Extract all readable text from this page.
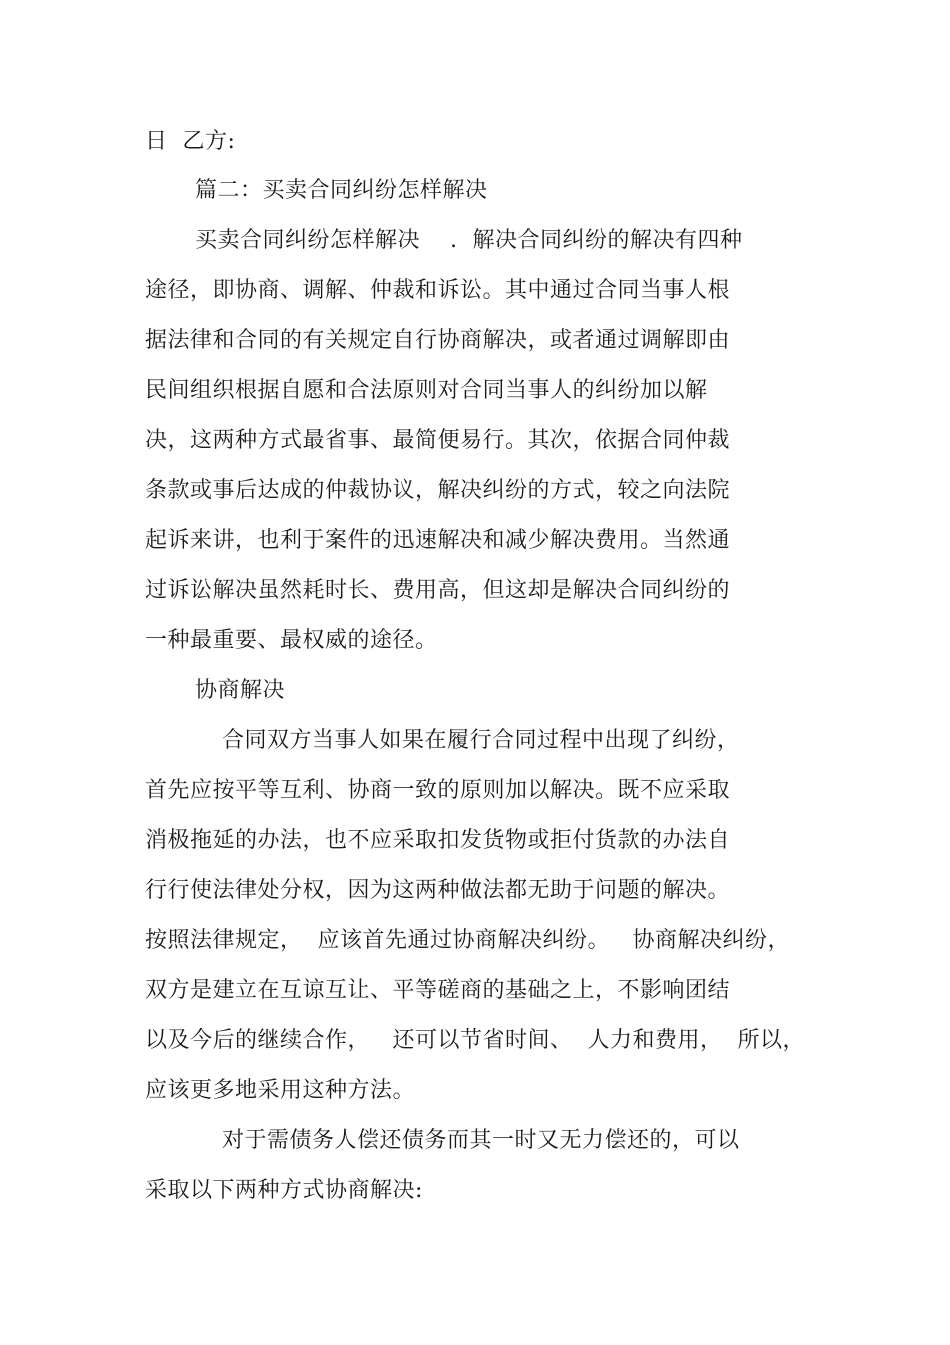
日  乙方:
篇二：买卖合同纠纷怎样解决
买卖合同纠纷怎样解决    .  解决合同纠纷的解决有四种
途径，即协商、调解、仲裁和诉讼。其中通过合同当事人根
据法律和合同的有关规定自行协商解决，或者通过调解即由
民间组织根据自愿和合法原则对合同当事人的纠纷加以解
决，这两种方式最省事、最简便易行。其次，依据合同仲裁
条款或事后达成的仲裁协议，解决纠纷的方式，较之向法院
起诉来讲，也利于案件的迅速解决和减少解决费用。当然通
过诉讼解决虽然耗时长、费用高，但这却是解决合同纠纷的
一种最重要、最权威的途径。
协商解决
合同双方当事人如果在履行合同过程中出现了纠纷，
首先应按平等互利、协商一致的原则加以解决。既不应采取
消极拖延的办法，也不应采取扣发货物或拒付货款的办法自
行行使法律处分权，因为这两种做法都无助于问题的解决。
按照法律规定，  应该首先通过协商解决纠纷。   协商解决纠纷，
双方是建立在互谅互让、平等磋商的基础之上，不影响团结
以及今后的继续合作，   还可以节省时间、  人力和费用，  所以，
应该更多地采用这种方法。
对于需债务人偿还债务而其一时又无力偿还的，可以
采取以下两种方式协商解决:
